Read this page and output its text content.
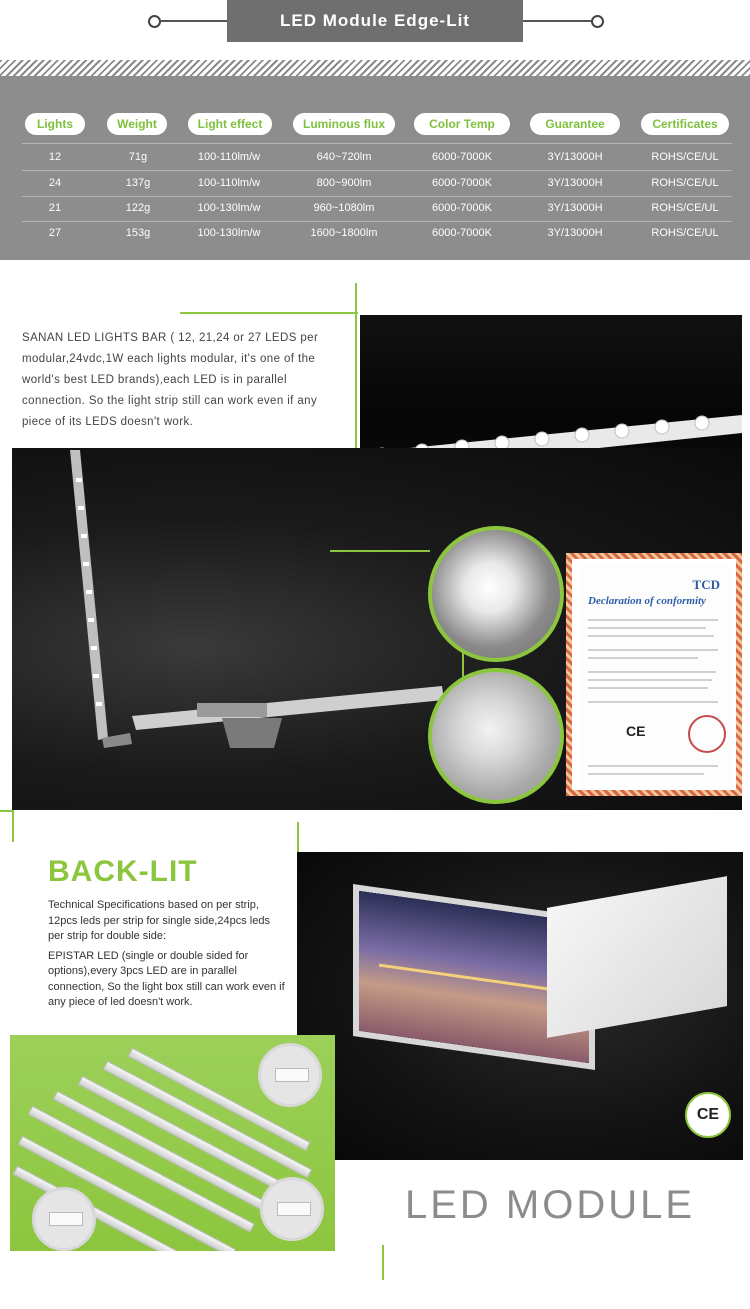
LED Module Edge-Lit
Lights	Weight	Light effect	Luminous flux	Color Temp	Guarantee	Certificates
12	71g	100-110lm/w	640~720lm	6000-7000K	3Y/13000H	ROHS/CE/UL
24	137g	100-110lm/w	800~900lm	6000-7000K	3Y/13000H	ROHS/CE/UL
21	122g	100-130lm/w	960~1080lm	6000-7000K	3Y/13000H	ROHS/CE/UL
27	153g	100-130lm/w	1600~1800lm	6000-7000K	3Y/13000H	ROHS/CE/UL
SANAN LED LIGHTS BAR ( 12, 21,24 or 27 LEDS per modular,24vdc,1W each lights modular, it's one of the world's best LED brands),each LED is in parallel connection. So the light strip still can work even if any piece of its LEDS doesn't work.
TCD
Declaration of conformity
CE
BACK-LIT

Technical Specifications based on per strip, 12pcs leds per strip for single side,24pcs leds per strip for double side:

EPISTAR LED (single or double sided for options),every 3pcs LED are in parallel connection, So the light box still can work even if any piece of led doesn't work.

CE
LED MODULE
